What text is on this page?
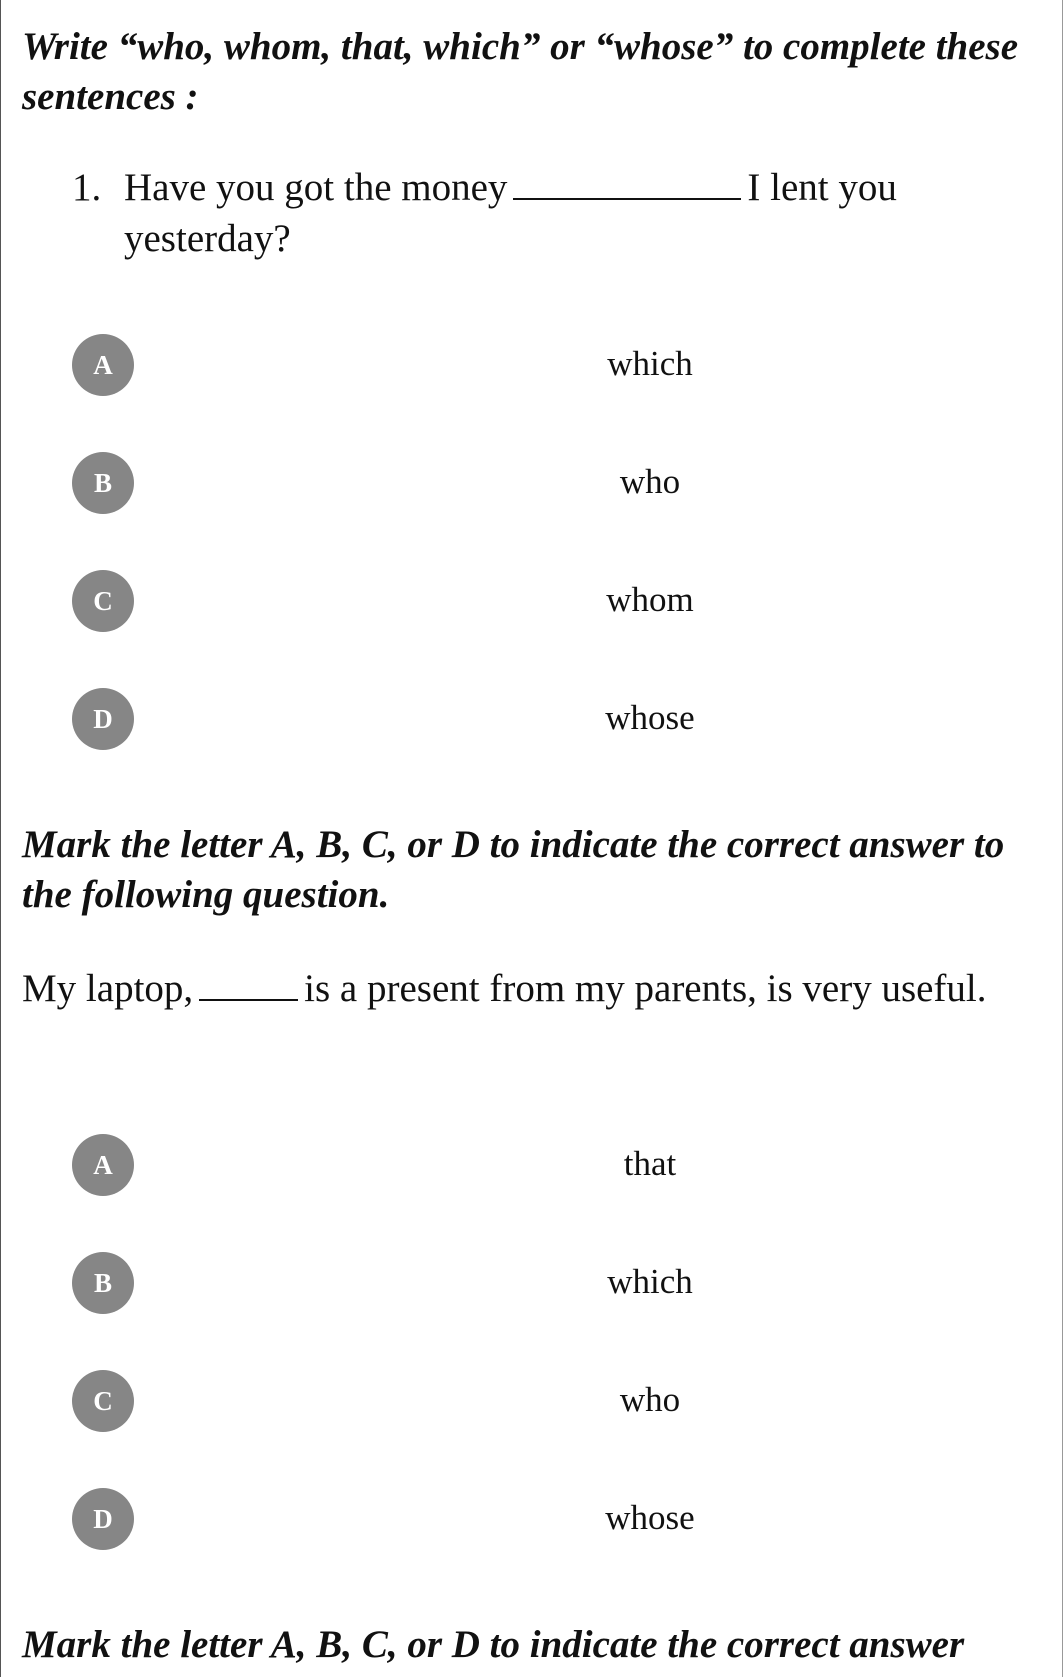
Write “who, whom, that, which” or “whose” to complete these sentences :
1. Have you got the money	I lent you yesterday?

A	which
B	who
C	whom
D	whose
Mark the letter A, B, C, or D to indicate the correct answer to the following question.

My laptop,	is a present from my parents, is very useful.

A	that
B	which
C	who
D	whose
Mark the letter A, B, C, or D to indicate the correct answer
